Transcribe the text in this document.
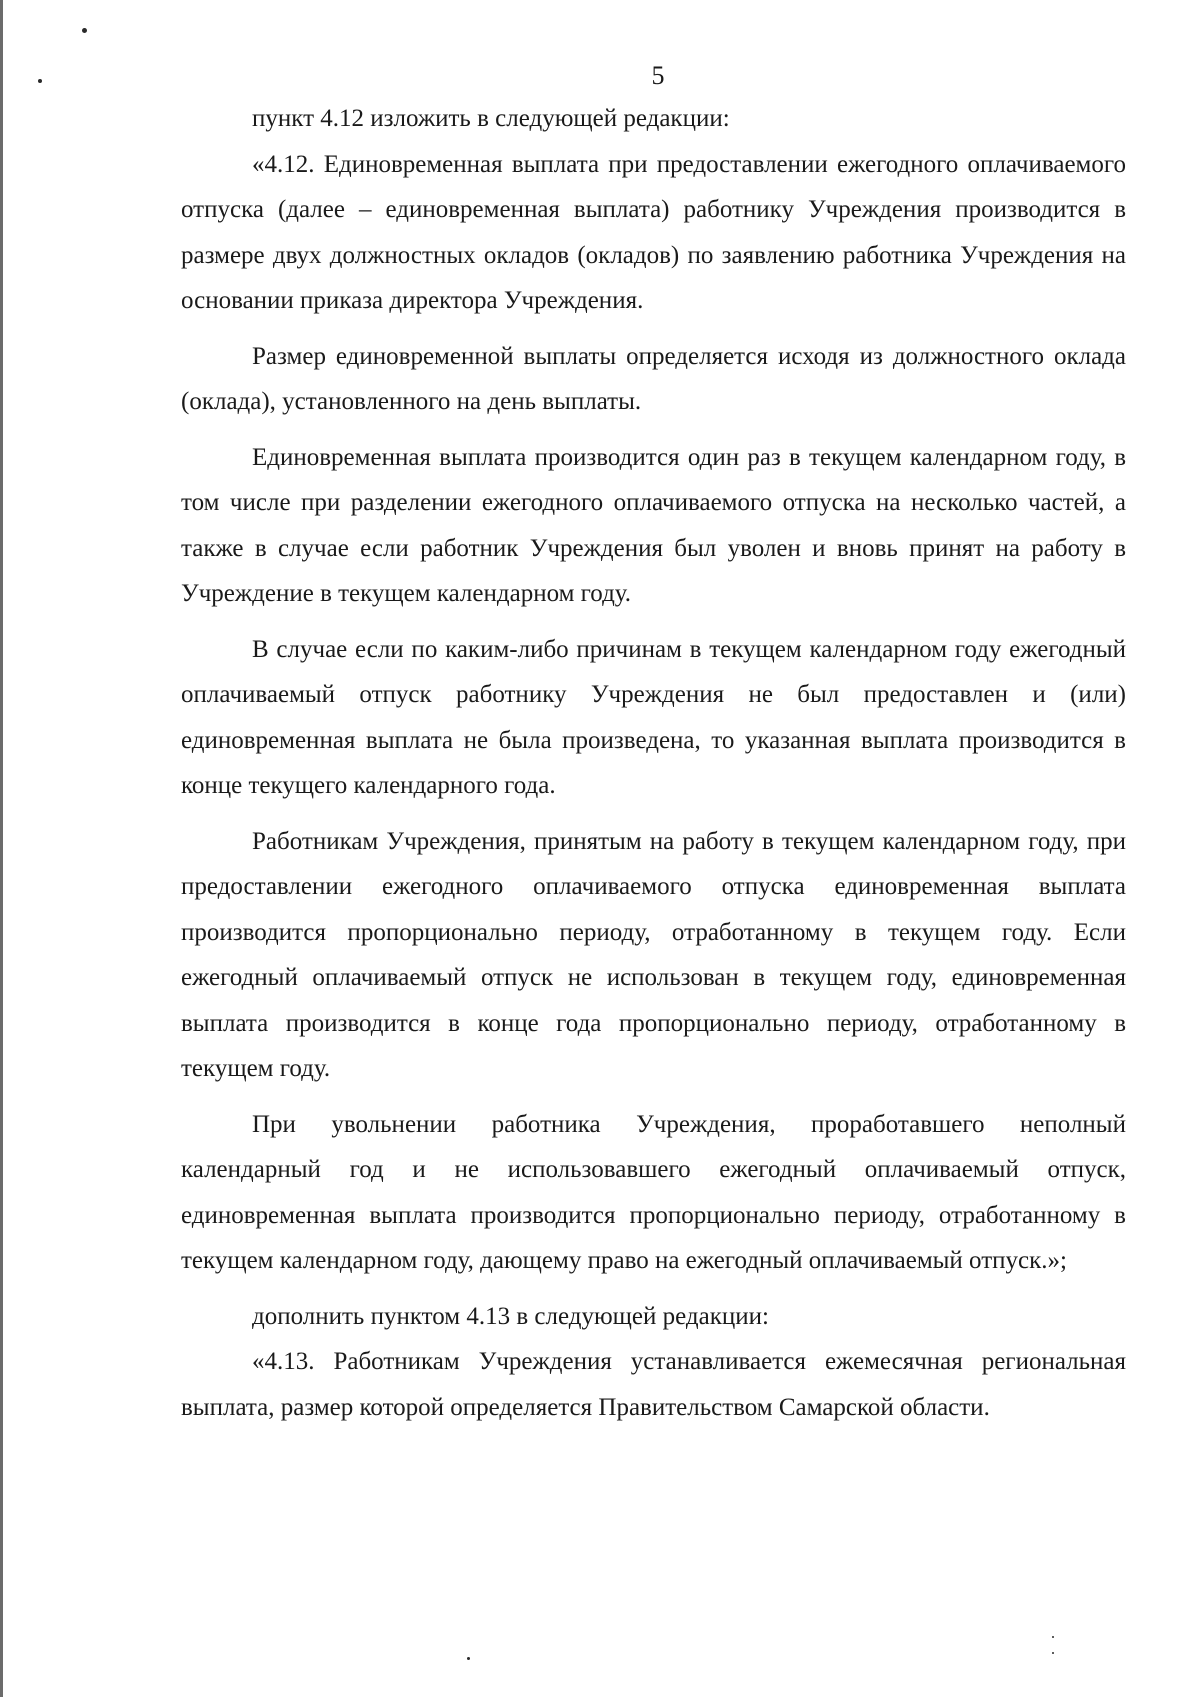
5

пункт 4.12 изложить в следующей редакции:

«4.12. Единовременная выплата при предоставлении ежегодного оплачиваемого отпуска (далее – единовременная выплата) работнику Учреждения производится в размере двух должностных окладов (окладов) по заявлению работника Учреждения на основании приказа директора Учреждения.

Размер единовременной выплаты определяется исходя из должностного оклада (оклада), установленного на день выплаты.

Единовременная выплата производится один раз в текущем календарном году, в том числе при разделении ежегодного оплачиваемого отпуска на несколько частей, а также в случае если работник Учреждения был уволен и вновь принят на работу в Учреждение в текущем календарном году.

В случае если по каким-либо причинам в текущем календарном году ежегодный оплачиваемый отпуск работнику Учреждения не был предоставлен и (или) единовременная выплата не была произведена, то указанная выплата производится в конце текущего календарного года.

Работникам Учреждения, принятым на работу в текущем календарном году, при предоставлении ежегодного оплачиваемого отпуска единовременная выплата производится пропорционально периоду, отработанному в текущем году. Если ежегодный оплачиваемый отпуск не использован в текущем году, единовременная выплата производится в конце года пропорционально периоду, отработанному в текущем году.

При увольнении работника Учреждения, проработавшего неполный календарный год и не использовавшего ежегодный оплачиваемый отпуск, единовременная выплата производится пропорционально периоду, отработанному в текущем календарном году, дающему право на ежегодный оплачиваемый отпуск.»;

дополнить пунктом 4.13 в следующей редакции:

«4.13. Работникам Учреждения устанавливается ежемесячная региональная выплата, размер которой определяется Правительством Самарской области.
